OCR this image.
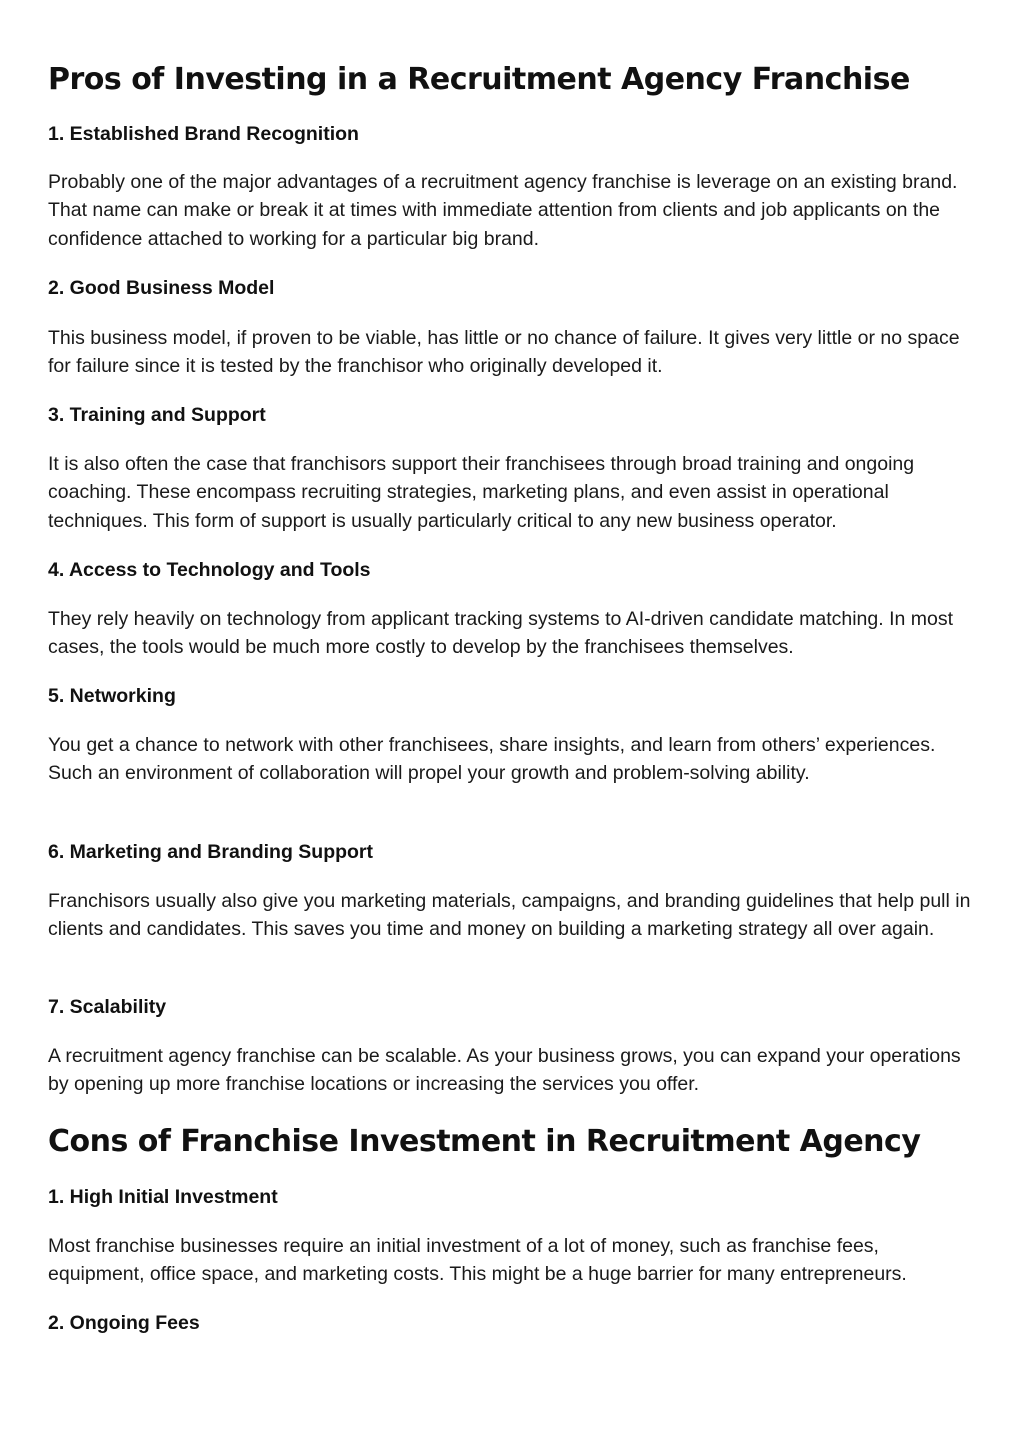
Pros of Investing in a Recruitment Agency Franchise
1. Established Brand Recognition

Probably one of the major advantages of a recruitment agency franchise is leverage on an existing brand. That name can make or break it at times with immediate attention from clients and job applicants on the confidence attached to working for a particular big brand.

2. Good Business Model

This business model, if proven to be viable, has little or no chance of failure. It gives very little or no space for failure since it is tested by the franchisor who originally developed it.

3. Training and Support

It is also often the case that franchisors support their franchisees through broad training and ongoing coaching. These encompass recruiting strategies, marketing plans, and even assist in operational techniques. This form of support is usually particularly critical to any new business operator.

4. Access to Technology and Tools

They rely heavily on technology from applicant tracking systems to AI-driven candidate matching. In most cases, the tools would be much more costly to develop by the franchisees themselves.

5. Networking

You get a chance to network with other franchisees, share insights, and learn from others’ experiences. Such an environment of collaboration will propel your growth and problem-solving ability.

6. Marketing and Branding Support

Franchisors usually also give you marketing materials, campaigns, and branding guidelines that help pull in clients and candidates. This saves you time and money on building a marketing strategy all over again.

7. Scalability

A recruitment agency franchise can be scalable. As your business grows, you can expand your operations by opening up more franchise locations or increasing the services you offer.

Cons of Franchise Investment in Recruitment Agency
1. High Initial Investment

Most franchise businesses require an initial investment of a lot of money, such as franchise fees, equipment, office space, and marketing costs. This might be a huge barrier for many entrepreneurs.

2. Ongoing Fees
